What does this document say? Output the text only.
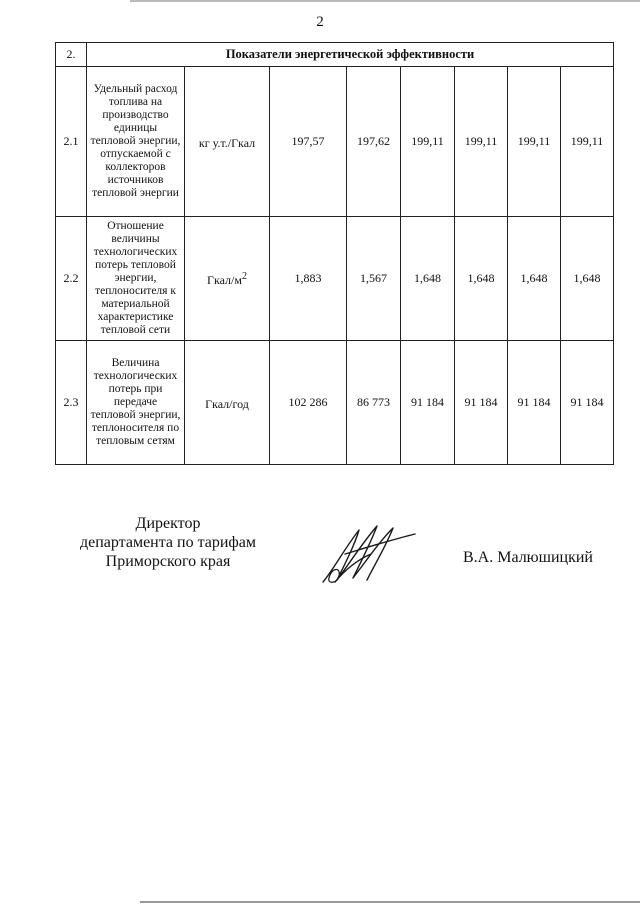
2
2.	Показатели энергетической эффективности							
2.1	Удельный расход топлива на производство единицы тепловой энергии, отпускаемой с коллекторов источников тепловой энергии	кг у.т./Гкал	197,57	197,62	199,11	199,11	199,11	199,11
2.2	Отношение величины технологических потерь тепловой энергии, теплоносителя к материальной характеристике тепловой сети	Гкал/$м^2$	1,883	1,567	1,648	1,648	1,648	1,648
2.3	Величина технологических потерь при передаче тепловой энергии, теплоносителя по тепловым сетям	Гкал/год	102 286	86 773	91 184	91 184	91 184	91 184
Директор
департамента по тарифам
Приморского края	В.А. Малюшицкий
